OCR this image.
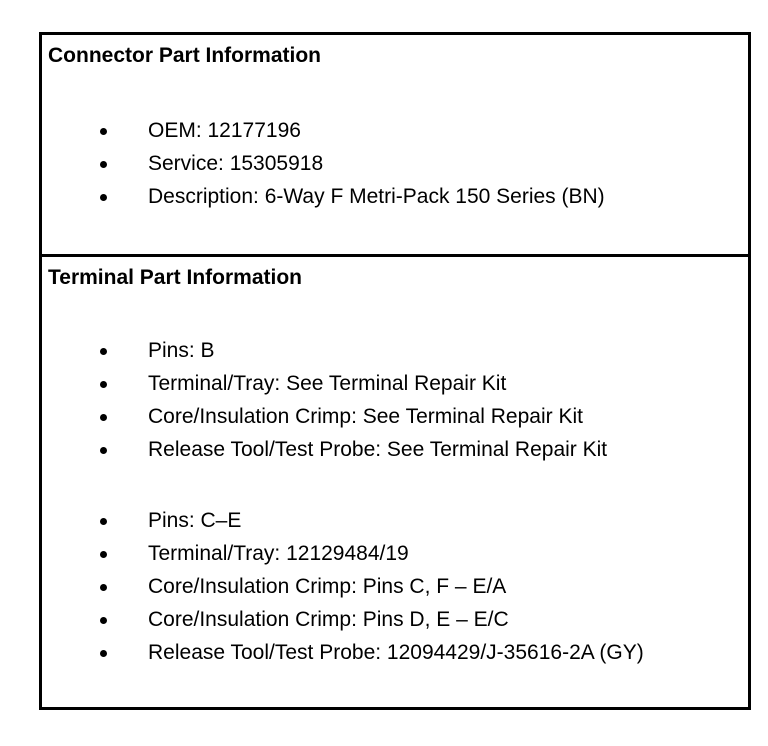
Connector Part Information
OEM: 12177196
Service: 15305918
Description: 6-Way F Metri-Pack 150 Series (BN)
Terminal Part Information
Pins: B
Terminal/Tray: See Terminal Repair Kit
Core/Insulation Crimp: See Terminal Repair Kit
Release Tool/Test Probe: See Terminal Repair Kit
Pins: C–E
Terminal/Tray: 12129484/19
Core/Insulation Crimp: Pins C, F – E/A
Core/Insulation Crimp: Pins D, E – E/C
Release Tool/Test Probe: 12094429/J-35616-2A (GY)
